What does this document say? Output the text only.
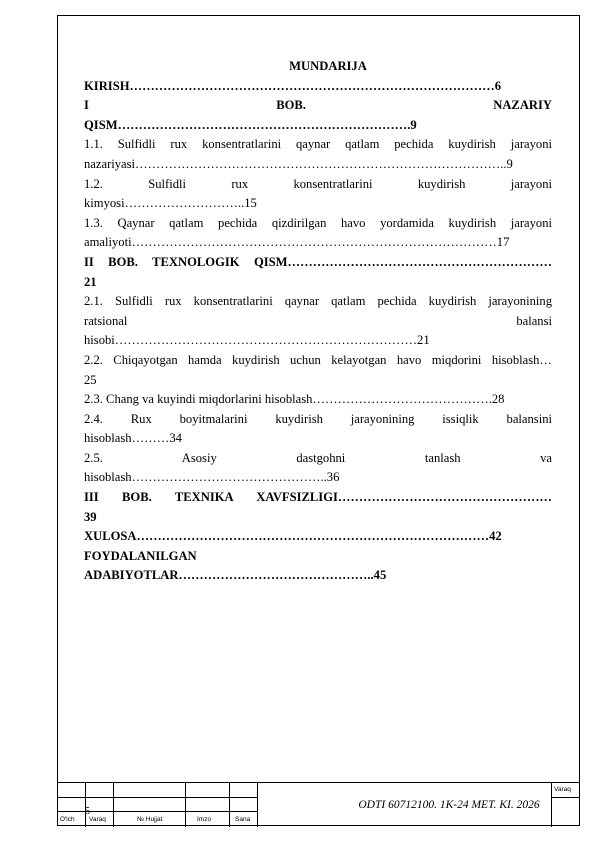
MUNDARIJA
KIRISH……………………………………………………………………………6
I BOB. NAZARIY
QISM…………………………………………………………….9
1.1. Sulfidli rux konsentratlarini qaynar qatlam pechida kuydirish jarayoni
nazariyasi……………………………………………………………………………..9
1.2. Sulfidli rux konsentratlarini kuydirish jarayoni
kimyosi………………………..15
1.3. Qaynar qatlam pechida qizdirilgan havo yordamida kuydirish jarayoni
amaliyoti……………………………………………………………………………17
II BOB. TEXNOLOGIK QISM………………………………………………………
21
2.1. Sulfidli rux konsentratlarini qaynar qatlam pechida kuydirish jarayonining
ratsional balansi
hisobi………………………………………………………………21
2.2. Chiqayotgan hamda kuydirish uchun kelayotgan havo miqdorini hisoblash…
25
2.3. Chang va kuyindi miqdorlarini hisoblash…………………………………….28
2.4. Rux boyitmalarini kuydirish jarayonining issiqlik balansini
hisoblash………34
2.5. Asosiy dastgohni tanlash va
hisoblash………………………………………..36
III BOB. TEXNIKA XAVFSIZLIGI……………………………………………
39
XULOSA…………………………………………………………………………42
FOYDALANILGAN
ADABIYOTLAR………………………………………..45
5
O'lch Varaq	№ Hujjat	Imzo	Sana
ODTI 60712100. 1K-24 MET. KI. 2026
Varaq
